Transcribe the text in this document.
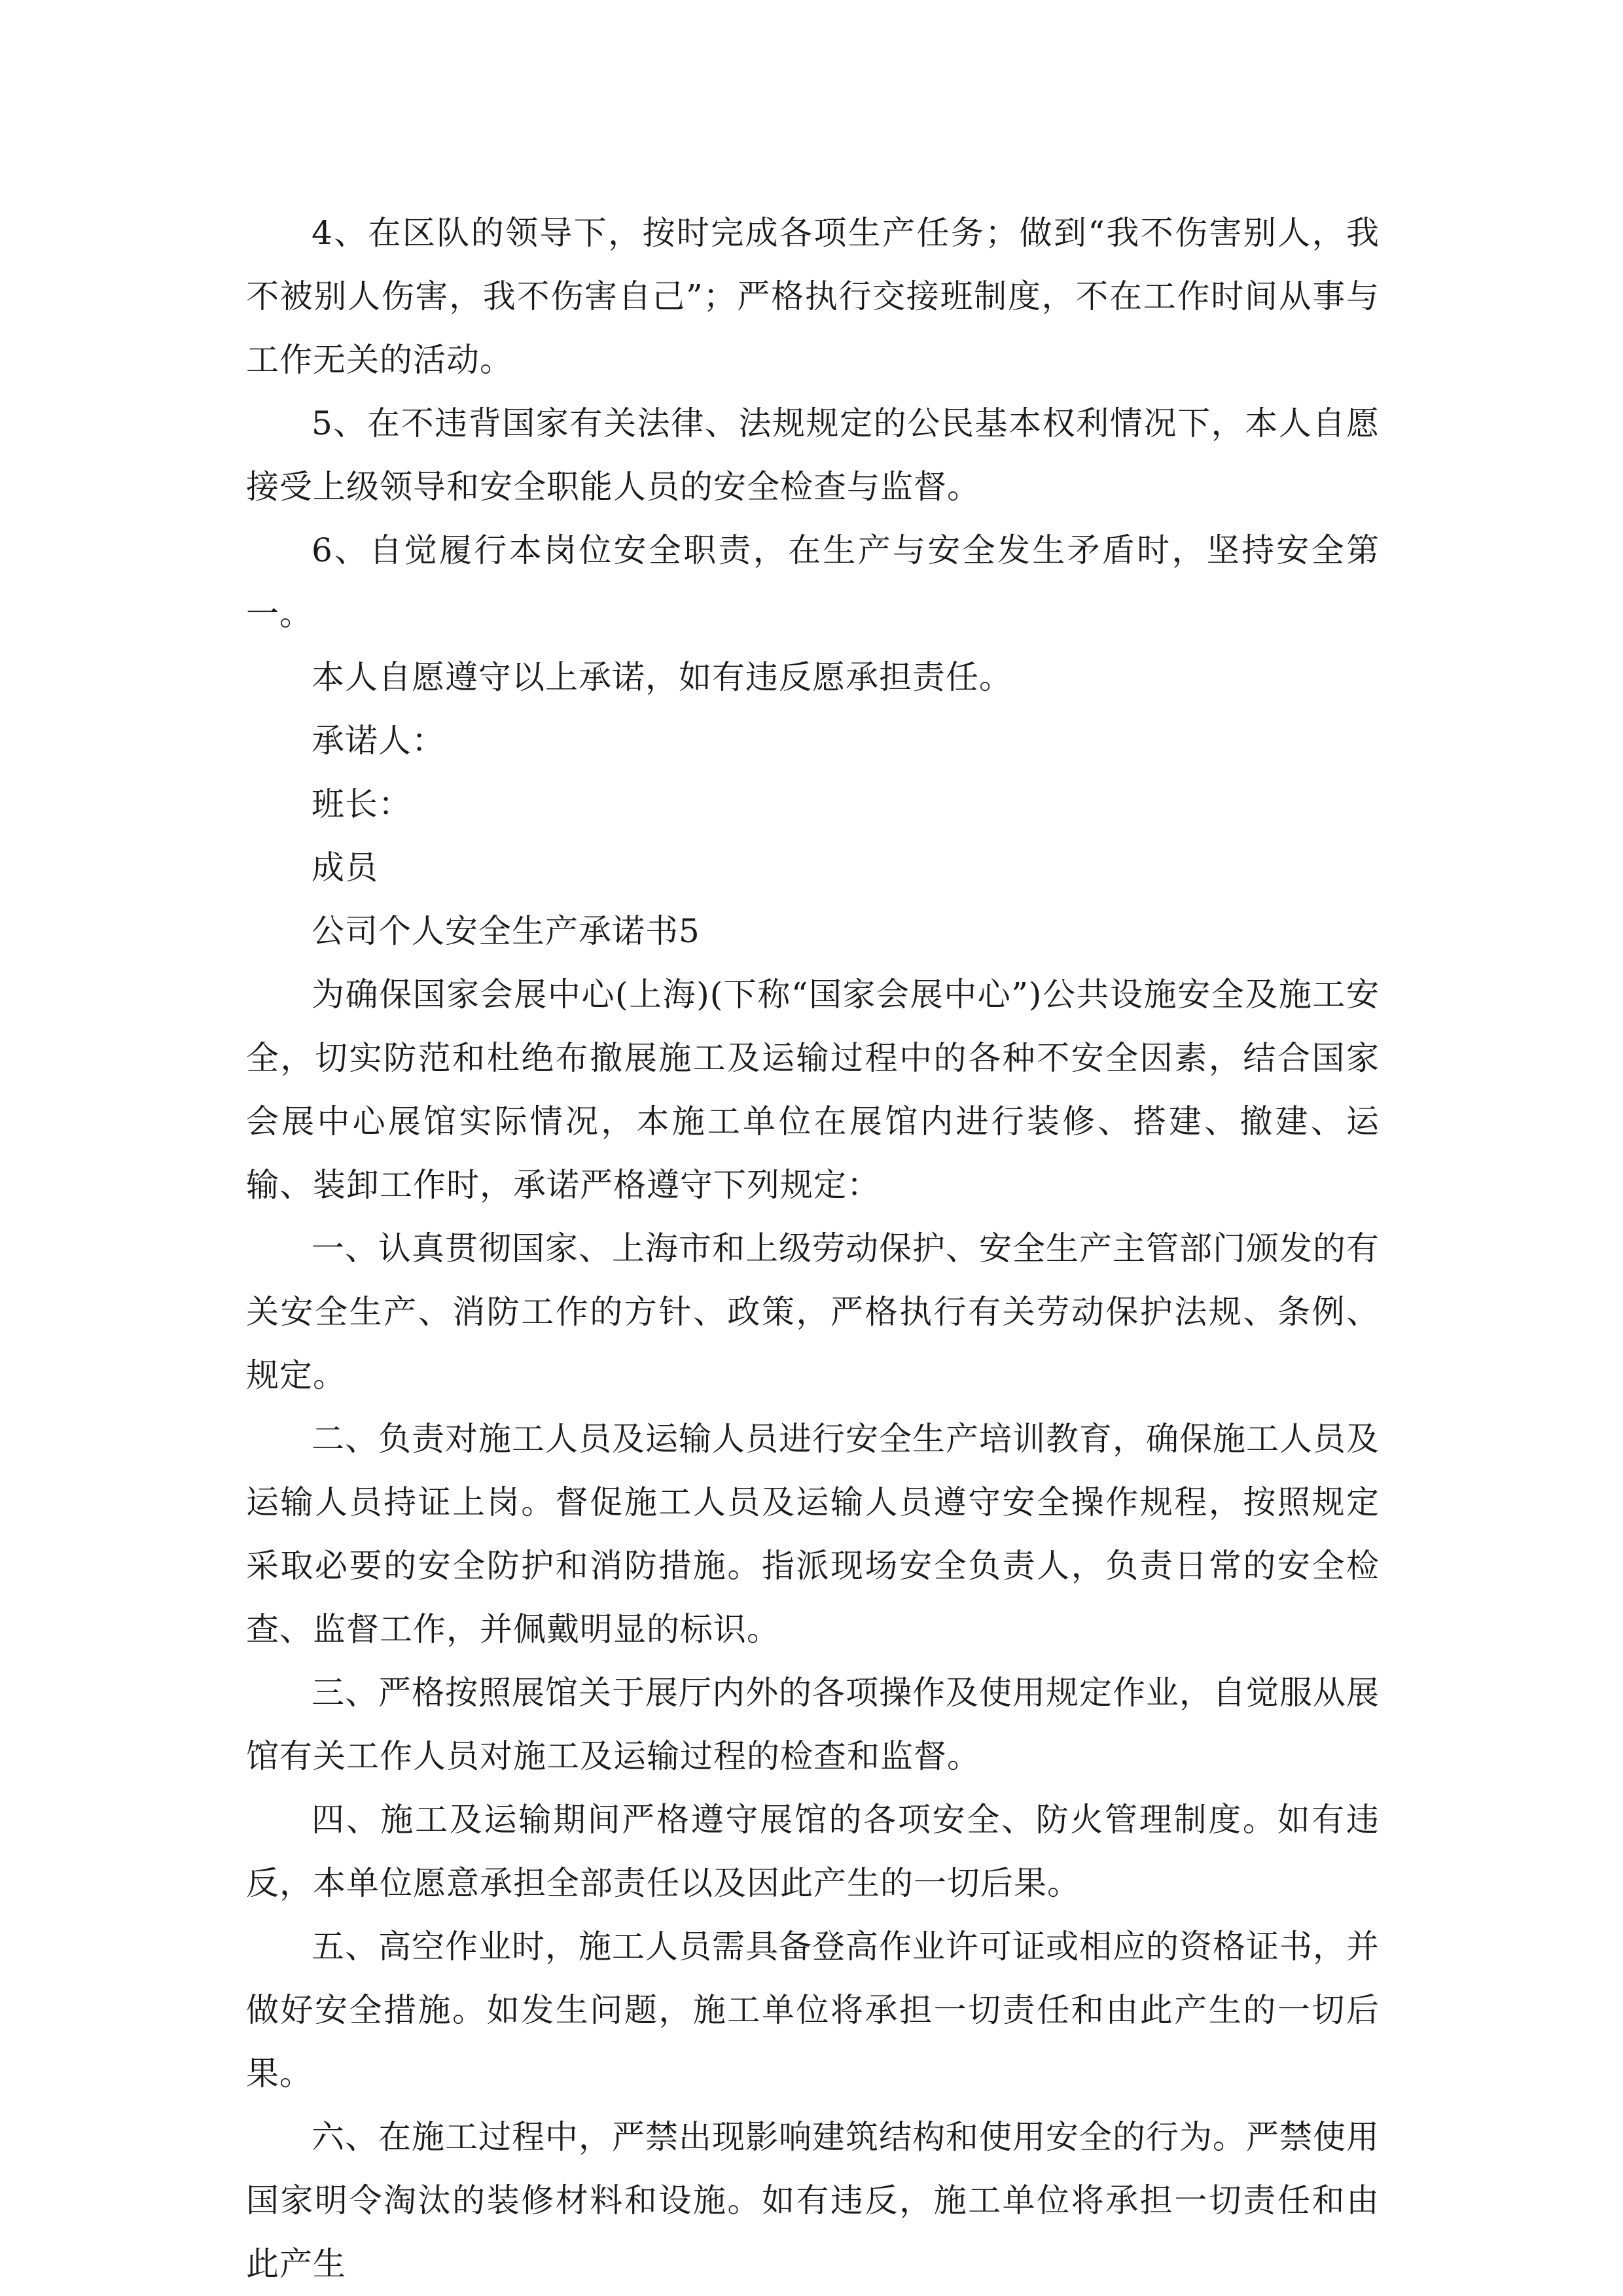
4、在区队的领导下，按时完成各项生产任务；做到“我不伤害别人，我不被别人伤害，我不伤害自己”；严格执行交接班制度，不在工作时间从事与工作无关的活动。

5、在不违背国家有关法律、法规规定的公民基本权利情况下，本人自愿接受上级领导和安全职能人员的安全检查与监督。

6、自觉履行本岗位安全职责，在生产与安全发生矛盾时，坚持安全第一。

本人自愿遵守以上承诺，如有违反愿承担责任。

承诺人：

班长：

成员

公司个人安全生产承诺书5

为确保国家会展中心(上海)(下称“国家会展中心”)公共设施安全及施工安全，切实防范和杜绝布撤展施工及运输过程中的各种不安全因素，结合国家会展中心展馆实际情况，本施工单位在展馆内进行装修、搭建、撤建、运输、装卸工作时，承诺严格遵守下列规定：

一、认真贯彻国家、上海市和上级劳动保护、安全生产主管部门颁发的有关安全生产、消防工作的方针、政策，严格执行有关劳动保护法规、条例、规定。

二、负责对施工人员及运输人员进行安全生产培训教育，确保施工人员及运输人员持证上岗。督促施工人员及运输人员遵守安全操作规程，按照规定采取必要的安全防护和消防措施。指派现场安全负责人，负责日常的安全检查、监督工作，并佩戴明显的标识。

三、严格按照展馆关于展厅内外的各项操作及使用规定作业，自觉服从展馆有关工作人员对施工及运输过程的检查和监督。

四、施工及运输期间严格遵守展馆的各项安全、防火管理制度。如有违反，本单位愿意承担全部责任以及因此产生的一切后果。

五、高空作业时，施工人员需具备登高作业许可证或相应的资格证书，并做好安全措施。如发生问题，施工单位将承担一切责任和由此产生的一切后果。

六、在施工过程中，严禁出现影响建筑结构和使用安全的行为。严禁使用国家明令淘汰的装修材料和设施。如有违反，施工单位将承担一切责任和由此产生
